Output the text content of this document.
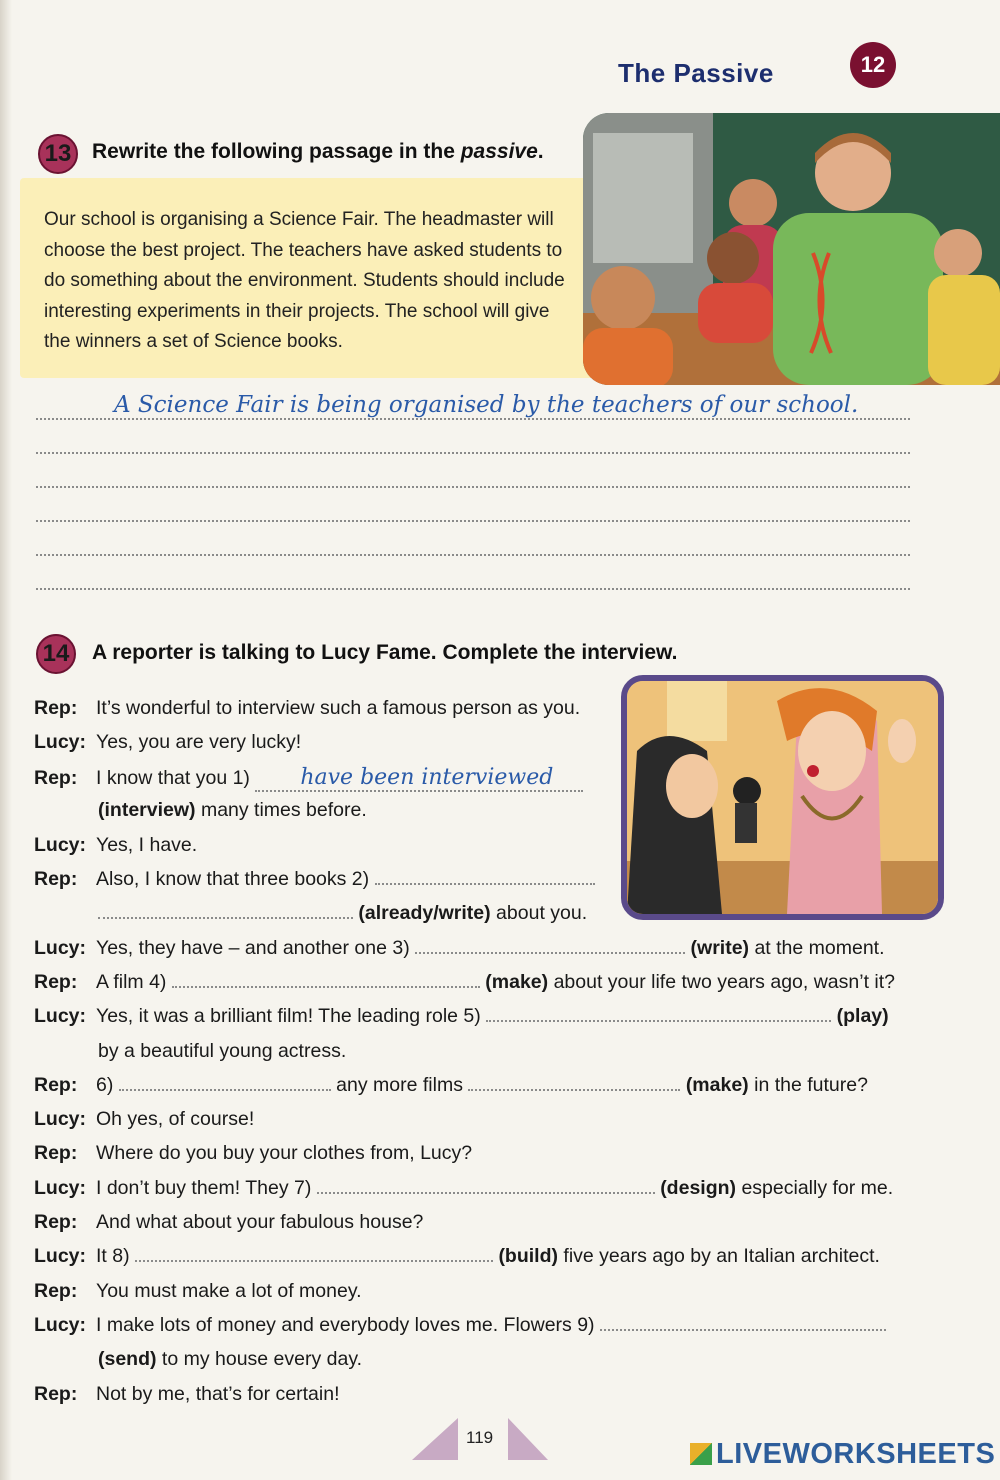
The Passive	12
13 Rewrite the following passage in the passive.
Our school is organising a Science Fair. The headmaster will
choose the best project. The teachers have asked students to
do something about the environment. Students should include
interesting experiments in their projects. The school will give
the winners a set of Science books.
A Science Fair is being organised by the teachers of our school.
14	A reporter is talking to Lucy Fame. Complete the interview.
Rep: It’s wonderful to interview such a famous person as you.
Lucy: Yes, you are very lucky!
Rep: I know that you 1) have been interviewed
(interview) many times before.
Lucy: Yes, I have.
Rep: Also, I know that three books 2)
(already/write) about you.
Lucy: Yes, they have – and another one 3)	(write) at the moment.
Rep: A film 4)	(make) about your life two years ago, wasn’t it?
Lucy: Yes, it was a brilliant film! The leading role 5)	(play)
by a beautiful young actress.
Rep: 6)	any more films	(make) in the future?
Lucy: Oh yes, of course!
Rep: Where do you buy your clothes from, Lucy?
Lucy: I don’t buy them! They 7)	(design) especially for me.
Rep: And what about your fabulous house?
Lucy: It 8)	(build) five years ago by an Italian architect.
Rep: You must make a lot of money.
Lucy: I make lots of money and everybody loves me. Flowers 9)
(send) to my house every day.
Rep: Not by me, that’s for certain!
119
LIVEWORKSHEETS
